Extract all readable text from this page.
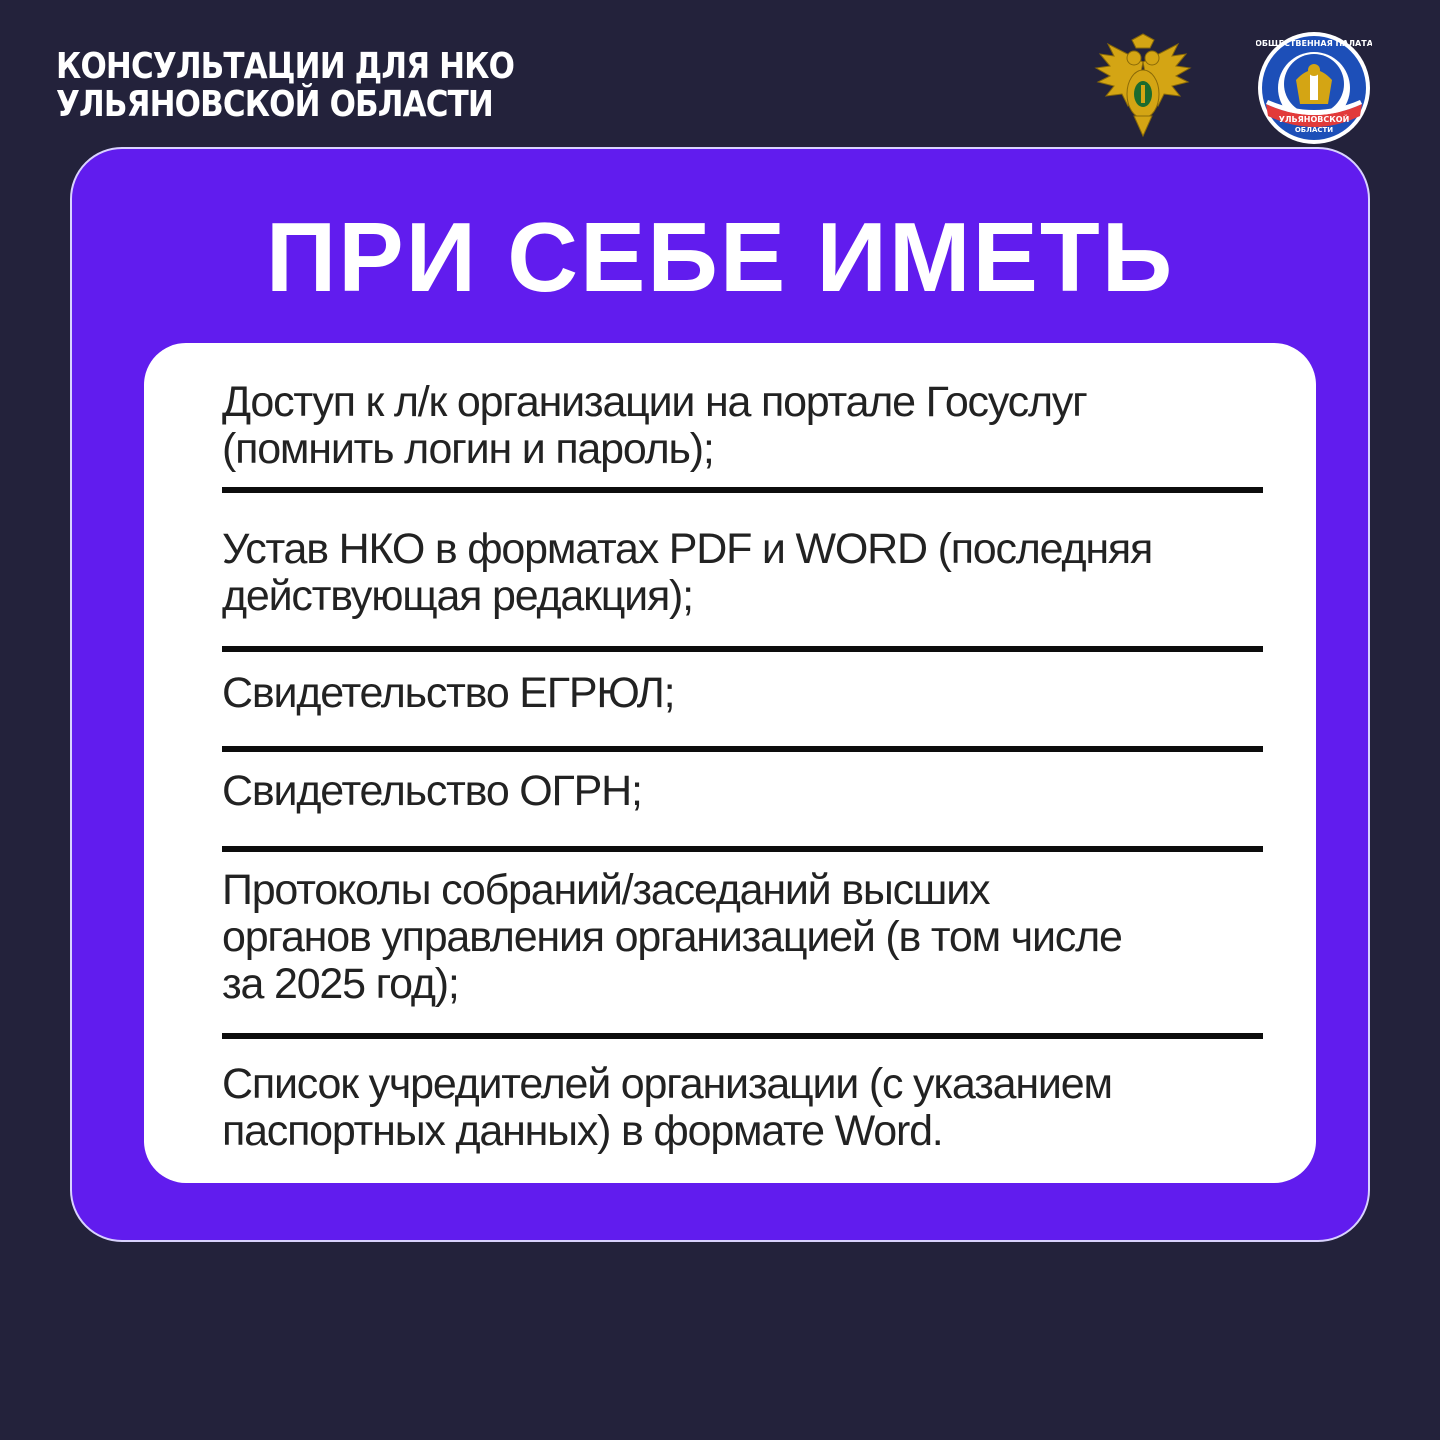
КОНСУЛЬТАЦИИ ДЛЯ НКО
УЛЬЯНОВСКОЙ ОБЛАСТИ
ОБЩЕСТВЕННАЯ ПАЛАТА
УЛЬЯНОВСКОЙ
ОБЛАСТИ
ПРИ СЕБЕ ИМЕТЬ
Доступ к л/к организации на портале Госуслуг
(помнить логин и пароль);
Устав НКО в форматах PDF и WORD (последняя
действующая редакция);
Свидетельство ЕГРЮЛ;
Свидетельство ОГРН;
Протоколы собраний/заседаний высших
органов управления организацией (в том числе
за 2025 год);
Список учредителей организации (с указанием
паспортных данных) в формате Word.
